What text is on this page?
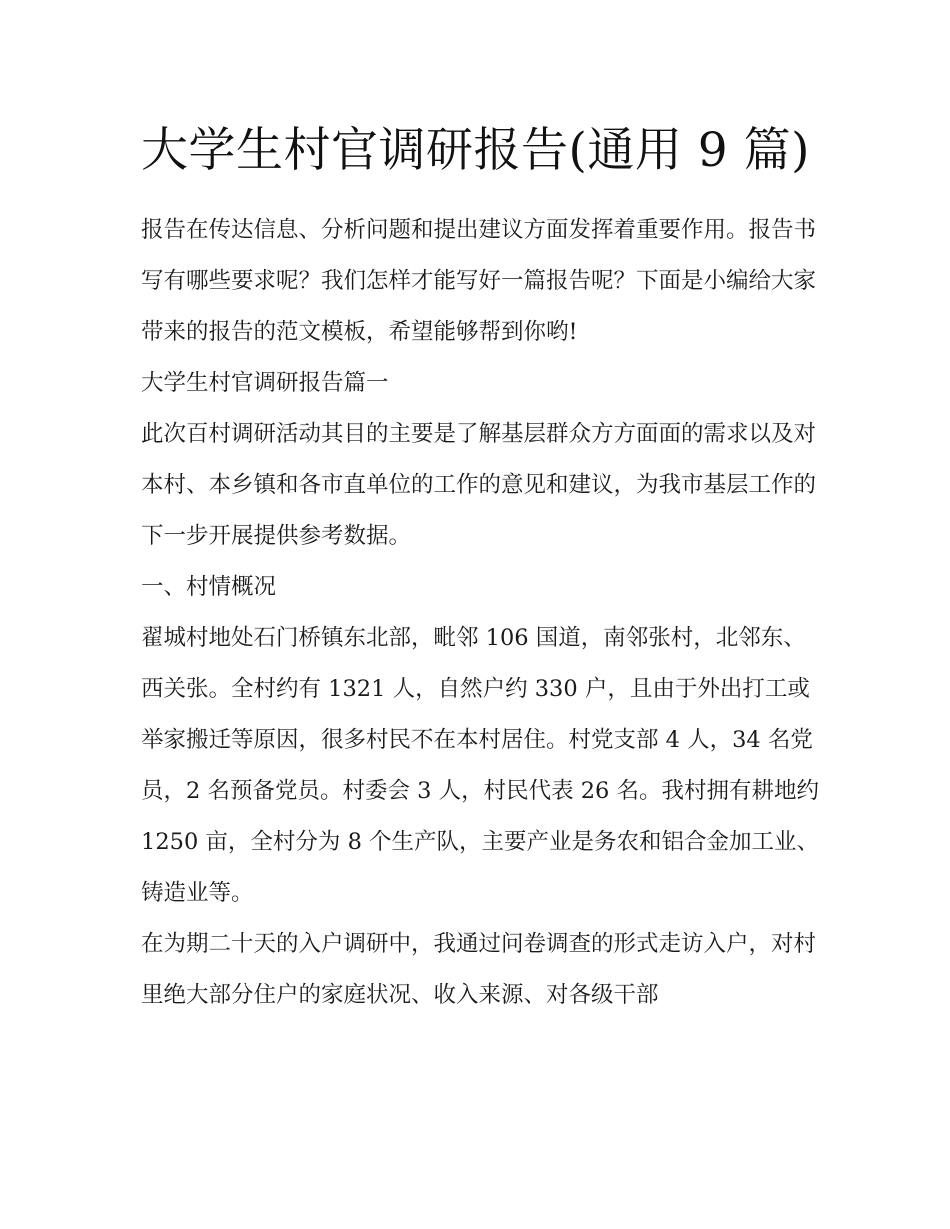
大学生村官调研报告(通用 9 篇)

报告在传达信息、分析问题和提出建议方面发挥着重要作用。报告书写有哪些要求呢？我们怎样才能写好一篇报告呢？下面是小编给大家带来的报告的范文模板，希望能够帮到你哟!

大学生村官调研报告篇一

此次百村调研活动其目的主要是了解基层群众方方面面的需求以及对本村、本乡镇和各市直单位的工作的意见和建议，为我市基层工作的下一步开展提供参考数据。

一、村情概况

翟城村地处石门桥镇东北部，毗邻 106 国道，南邻张村，北邻东、西关张。全村约有 1321 人，自然户约 330 户，且由于外出打工或举家搬迁等原因，很多村民不在本村居住。村党支部 4 人，34 名党员，2 名预备党员。村委会 3 人，村民代表 26 名。我村拥有耕地约 1250 亩，全村分为 8 个生产队，主要产业是务农和铝合金加工业、铸造业等。

在为期二十天的入户调研中，我通过问卷调查的形式走访入户，对村里绝大部分住户的家庭状况、收入来源、对各级干部
